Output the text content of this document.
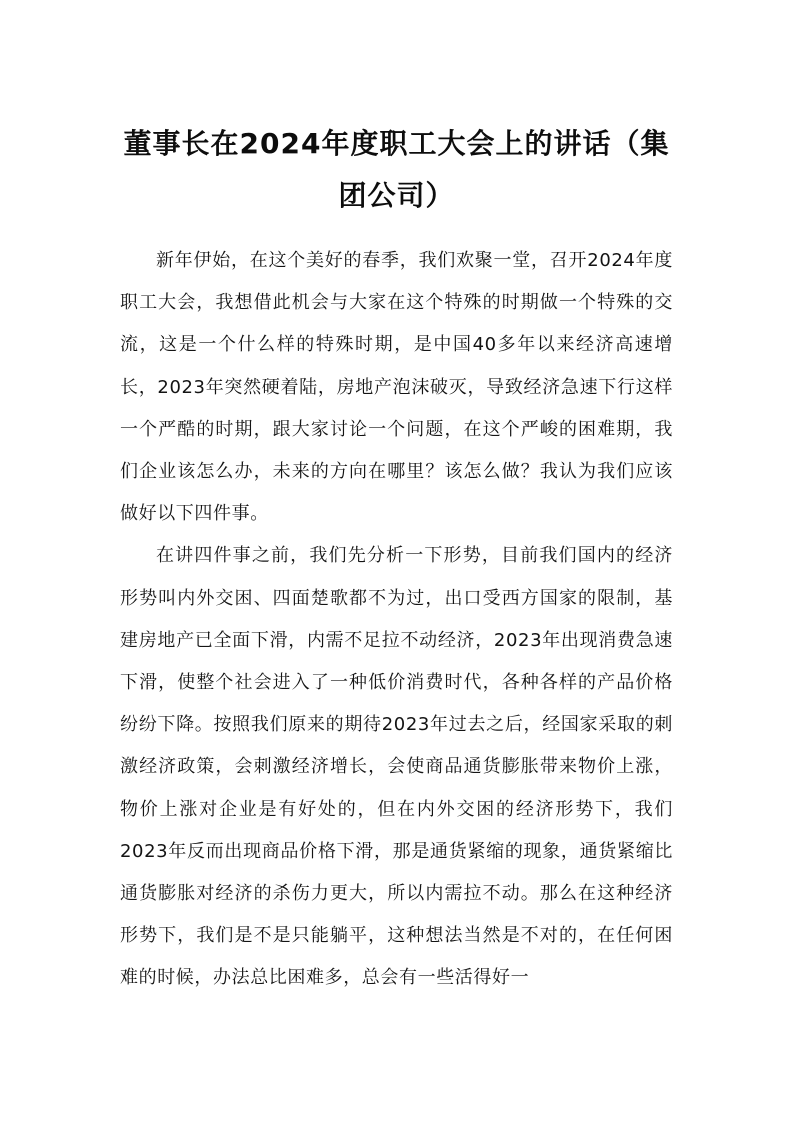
董事长在2024年度职工大会上的讲话（集团公司）

新年伊始，在这个美好的春季，我们欢聚一堂，召开2024年度职工大会，我想借此机会与大家在这个特殊的时期做一个特殊的交流，这是一个什么样的特殊时期，是中国40多年以来经济高速增长，2023年突然硬着陆，房地产泡沫破灭，导致经济急速下行这样一个严酷的时期，跟大家讨论一个问题，在这个严峻的困难期，我们企业该怎么办，未来的方向在哪里？该怎么做？我认为我们应该做好以下四件事。

在讲四件事之前，我们先分析一下形势，目前我们国内的经济形势叫内外交困、四面楚歌都不为过，出口受西方国家的限制，基建房地产已全面下滑，内需不足拉不动经济，2023年出现消费急速下滑，使整个社会进入了一种低价消费时代，各种各样的产品价格纷纷下降。按照我们原来的期待2023年过去之后，经国家采取的刺激经济政策，会刺激经济增长，会使商品通货膨胀带来物价上涨，物价上涨对企业是有好处的，但在内外交困的经济形势下，我们2023年反而出现商品价格下滑，那是通货紧缩的现象，通货紧缩比通货膨胀对经济的杀伤力更大，所以内需拉不动。那么在这种经济形势下，我们是不是只能躺平，这种想法当然是不对的，在任何困难的时候，办法总比困难多，总会有一些活得好一
